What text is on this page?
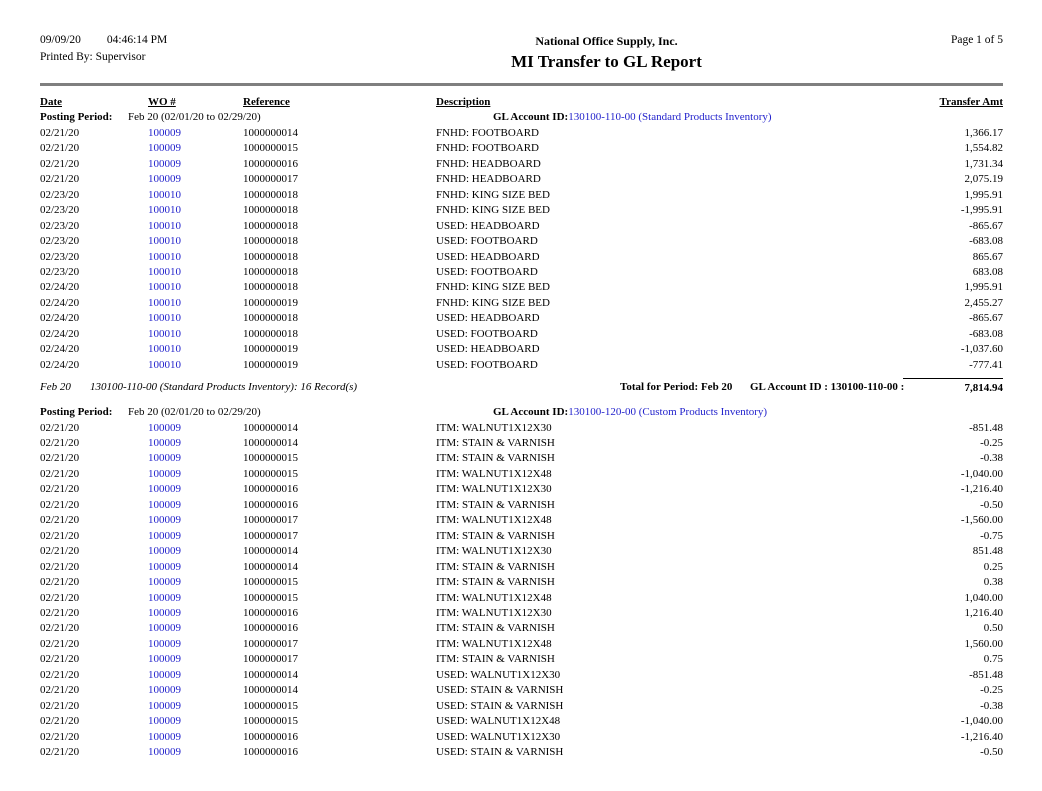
09/09/20 04:46:14 PM
Printed By: Supervisor
National Office Supply, Inc.
MI Transfer to GL Report
Page 1 of 5
Date	WO #	Reference	Description	Transfer Amt
Posting Period: Feb 20 (02/01/20 to 02/29/20)	GL Account ID:130100-110-00 (Standard Products Inventory)
02/21/20	100009	1000000014	FNHD: FOOTBOARD	1,366.17
02/21/20	100009	1000000015	FNHD: FOOTBOARD	1,554.82
02/21/20	100009	1000000016	FNHD: HEADBOARD	1,731.34
02/21/20	100009	1000000017	FNHD: HEADBOARD	2,075.19
02/23/20	100010	1000000018	FNHD: KING SIZE BED	1,995.91
02/23/20	100010	1000000018	FNHD: KING SIZE BED	-1,995.91
02/23/20	100010	1000000018	USED: HEADBOARD	-865.67
02/23/20	100010	1000000018	USED: FOOTBOARD	-683.08
02/23/20	100010	1000000018	USED: HEADBOARD	865.67
02/23/20	100010	1000000018	USED: FOOTBOARD	683.08
02/24/20	100010	1000000018	FNHD: KING SIZE BED	1,995.91
02/24/20	100010	1000000019	FNHD: KING SIZE BED	2,455.27
02/24/20	100010	1000000018	USED: HEADBOARD	-865.67
02/24/20	100010	1000000018	USED: FOOTBOARD	-683.08
02/24/20	100010	1000000019	USED: HEADBOARD	-1,037.60
02/24/20	100010	1000000019	USED: FOOTBOARD	-777.41
Feb 20 130100-110-00 (Standard Products Inventory): 16 Record(s)	Total for Period: Feb 20 GL Account ID : 130100-110-00 :	7,814.94
Posting Period: Feb 20 (02/01/20 to 02/29/20)	GL Account ID:130100-120-00 (Custom Products Inventory)
02/21/20	100009	1000000014	ITM: WALNUT1X12X30	-851.48
02/21/20	100009	1000000014	ITM: STAIN & VARNISH	-0.25
02/21/20	100009	1000000015	ITM: STAIN & VARNISH	-0.38
02/21/20	100009	1000000015	ITM: WALNUT1X12X48	-1,040.00
02/21/20	100009	1000000016	ITM: WALNUT1X12X30	-1,216.40
02/21/20	100009	1000000016	ITM: STAIN & VARNISH	-0.50
02/21/20	100009	1000000017	ITM: WALNUT1X12X48	-1,560.00
02/21/20	100009	1000000017	ITM: STAIN & VARNISH	-0.75
02/21/20	100009	1000000014	ITM: WALNUT1X12X30	851.48
02/21/20	100009	1000000014	ITM: STAIN & VARNISH	0.25
02/21/20	100009	1000000015	ITM: STAIN & VARNISH	0.38
02/21/20	100009	1000000015	ITM: WALNUT1X12X48	1,040.00
02/21/20	100009	1000000016	ITM: WALNUT1X12X30	1,216.40
02/21/20	100009	1000000016	ITM: STAIN & VARNISH	0.50
02/21/20	100009	1000000017	ITM: WALNUT1X12X48	1,560.00
02/21/20	100009	1000000017	ITM: STAIN & VARNISH	0.75
02/21/20	100009	1000000014	USED: WALNUT1X12X30	-851.48
02/21/20	100009	1000000014	USED: STAIN & VARNISH	-0.25
02/21/20	100009	1000000015	USED: STAIN & VARNISH	-0.38
02/21/20	100009	1000000015	USED: WALNUT1X12X48	-1,040.00
02/21/20	100009	1000000016	USED: WALNUT1X12X30	-1,216.40
02/21/20	100009	1000000016	USED: STAIN & VARNISH	-0.50
